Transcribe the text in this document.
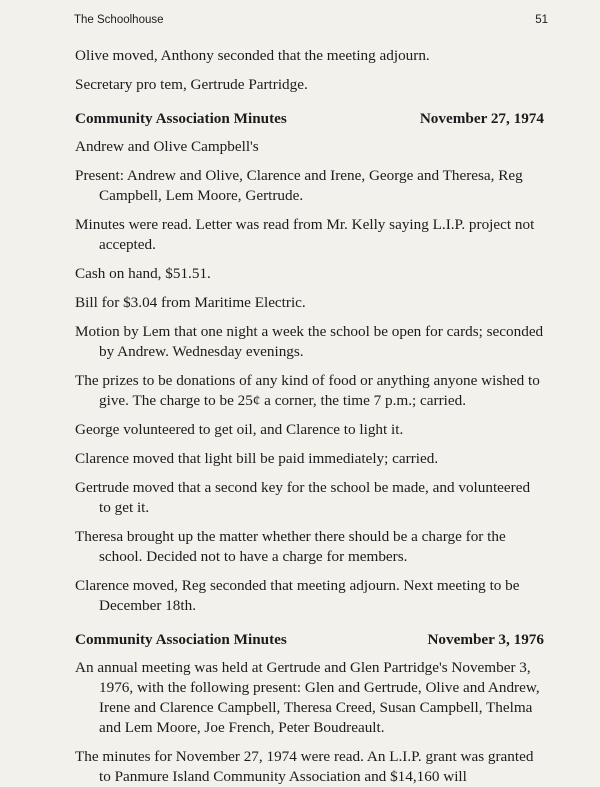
The Schoolhouse	51

Olive moved, Anthony seconded that the meeting adjourn.

Secretary pro tem, Gertrude Partridge.

Community Association Minutes	November 27, 1974

Andrew and Olive Campbell's

Present: Andrew and Olive, Clarence and Irene, George and Theresa, Reg Campbell, Lem Moore, Gertrude.

Minutes were read. Letter was read from Mr. Kelly saying L.I.P. project not accepted.

Cash on hand, $51.51.

Bill for $3.04 from Maritime Electric.

Motion by Lem that one night a week the school be open for cards; seconded by Andrew. Wednesday evenings.

The prizes to be donations of any kind of food or anything anyone wished to give. The charge to be 25¢ a corner, the time 7 p.m.; carried.

George volunteered to get oil, and Clarence to light it.

Clarence moved that light bill be paid immediately; carried.

Gertrude moved that a second key for the school be made, and volunteered to get it.

Theresa brought up the matter whether there should be a charge for the school. Decided not to have a charge for members.

Clarence moved, Reg seconded that meeting adjourn. Next meeting to be December 18th.

Community Association Minutes	November 3, 1976

An annual meeting was held at Gertrude and Glen Partridge's November 3, 1976, with the following present: Glen and Gertrude, Olive and Andrew, Irene and Clarence Campbell, Theresa Creed, Susan Campbell, Thelma and Lem Moore, Joe French, Peter Boudreault.

The minutes for November 27, 1974 were read. An L.I.P. grant was granted to Panmure Island Community Association and $14,160 will
